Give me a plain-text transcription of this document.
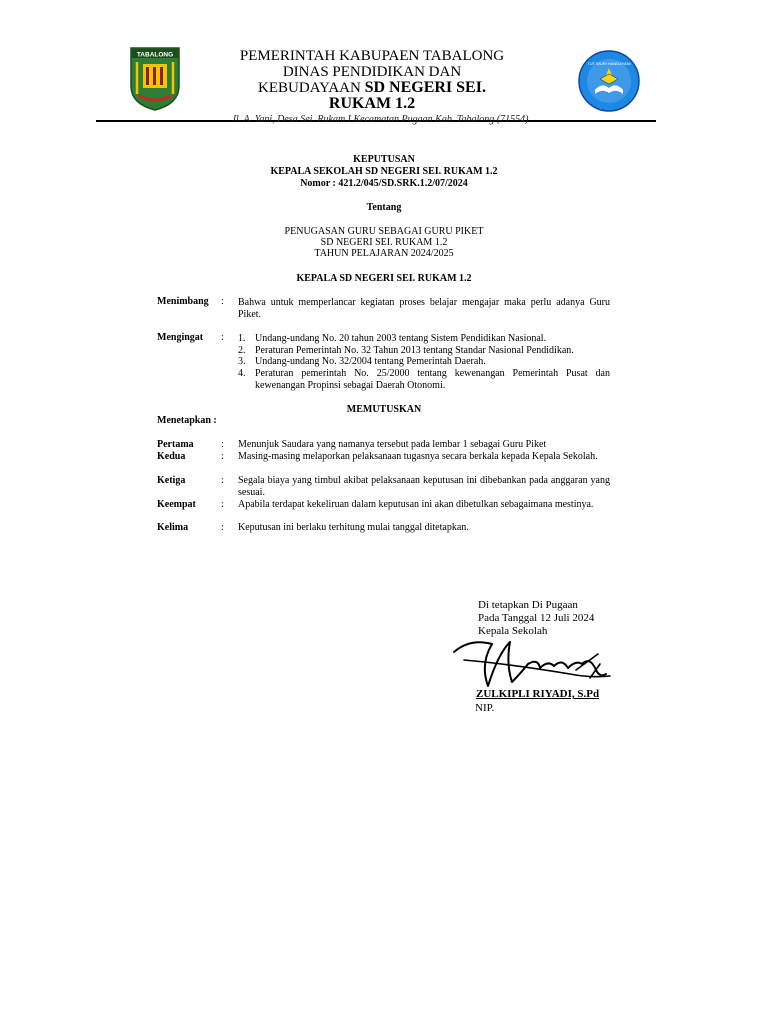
TABALONG
TUT WURI HANDAYANI
PEMERINTAH KABUPAEN TABALONG
DINAS PENDIDIKAN DAN
KEBUDAYAAN SD NEGERI SEI.
RUKAM 1.2
Jl. A. Yani, Desa Sei. Rukam I Kecamatan Pugaan Kab. Tabalong (71554)
KEPUTUSAN
KEPALA SEKOLAH SD NEGERI SEI. RUKAM 1.2
Nomor : 421.2/045/SD.SRK.1.2/07/2024
Tentang
PENUGASAN GURU SEBAGAI GURU PIKET
SD NEGERI SEI. RUKAM 1.2
TAHUN PELAJARAN 2024/2025
KEPALA SD NEGERI SEI. RUKAM 1.2
Menimbang : Bahwa untuk memperlancar kegiatan proses belajar mengajar maka perlu adanya Guru Piket.
Mengingat : 1. Undang-undang No. 20 tahun 2003 tentang Sistem Pendidikan Nasional.
2. Peraturan Pemerintah No. 32 Tahun 2013 tentang Standar Nasional Pendidikan.
3. Undang-undang No. 32/2004 tentang Pemerintah Daerah.
4. Peraturan pemerintah No. 25/2000 tentang kewenangan Pemerintah Pusat dan kewenangan Propinsi sebagai Daerah Otonomi.
MEMUTUSKAN
Menetapkan :
Pertama	: Menunjuk Saudara yang namanya tersebut pada lembar 1 sebagai Guru Piket
Kedua	: Masing-masing melaporkan pelaksanaan tugasnya secara berkala kepada Kepala Sekolah.
Ketiga	: Segala biaya yang timbul akibat pelaksanaan keputusan ini dibebankan pada anggaran yang sesuai.
Keempat	: Apabila terdapat kekeliruan dalam keputusan ini akan dibetulkan sebagaimana mestinya.
Kelima	: Keputusan ini berlaku terhitung mulai tanggal ditetapkan.
Di tetapkan Di Pugaan
Pada Tanggal 12 Juli 2024
Kepala Sekolah
ZULKIPLI RIYADI, S.Pd
NIP.
